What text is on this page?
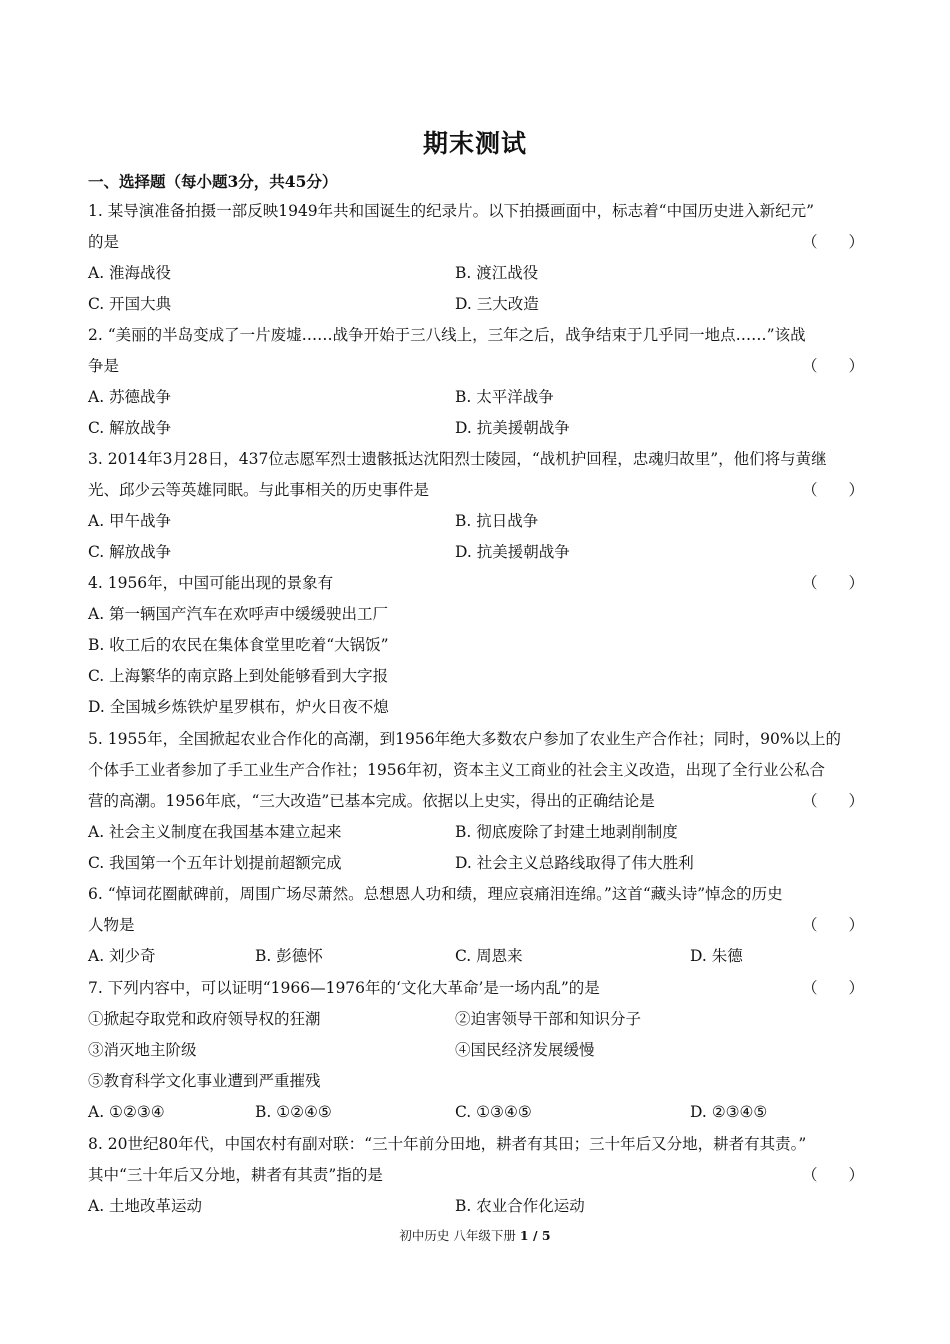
期末测试
一、选择题（每小题3分，共45分）
1. 某导演准备拍摄一部反映1949年共和国诞生的纪录片。以下拍摄画面中，标志着“中国历史进入新纪元”
的是	（　　）
A. 淮海战役	B. 渡江战役
C. 开国大典	D. 三大改造
2. “美丽的半岛变成了一片废墟……战争开始于三八线上，三年之后，战争结束于几乎同一地点……”该战
争是	（　　）
A. 苏德战争	B. 太平洋战争
C. 解放战争	D. 抗美援朝战争
3. 2014年3月28日，437位志愿军烈士遗骸抵达沈阳烈士陵园，“战机护回程，忠魂归故里”，他们将与黄继
光、邱少云等英雄同眠。与此事相关的历史事件是	（　　）
A. 甲午战争	B. 抗日战争
C. 解放战争	D. 抗美援朝战争
4. 1956年，中国可能出现的景象有	（　　）
A. 第一辆国产汽车在欢呼声中缓缓驶出工厂
B. 收工后的农民在集体食堂里吃着“大锅饭”
C. 上海繁华的南京路上到处能够看到大字报
D. 全国城乡炼铁炉星罗棋布，炉火日夜不熄
5. 1955年，全国掀起农业合作化的高潮，到1956年绝大多数农户参加了农业生产合作社；同时，90%以上的
个体手工业者参加了手工业生产合作社；1956年初，资本主义工商业的社会主义改造，出现了全行业公私合
营的高潮。1956年底，“三大改造”已基本完成。依据以上史实，得出的正确结论是	（　　）
A. 社会主义制度在我国基本建立起来	B. 彻底废除了封建土地剥削制度
C. 我国第一个五年计划提前超额完成	D. 社会主义总路线取得了伟大胜利
6. “悼词花圈献碑前，周围广场尽萧然。总想恩人功和绩，理应哀痛泪连绵。”这首“藏头诗”悼念的历史
人物是	（　　）
A. 刘少奇	B. 彭德怀	C. 周恩来	D. 朱德
7. 下列内容中，可以证明“1966—1976年的‘文化大革命’是一场内乱”的是	（　　）
①掀起夺取党和政府领导权的狂潮	②迫害领导干部和知识分子
③消灭地主阶级	④国民经济发展缓慢
⑤教育科学文化事业遭到严重摧残
A. ①②③④	B. ①②④⑤	C. ①③④⑤	D. ②③④⑤
8. 20世纪80年代，中国农村有副对联：“三十年前分田地，耕者有其田；三十年后又分地，耕者有其责。”
其中“三十年后又分地，耕者有其责”指的是	（　　）
A. 土地改革运动	B. 农业合作化运动
初中历史 八年级下册 1 / 5
